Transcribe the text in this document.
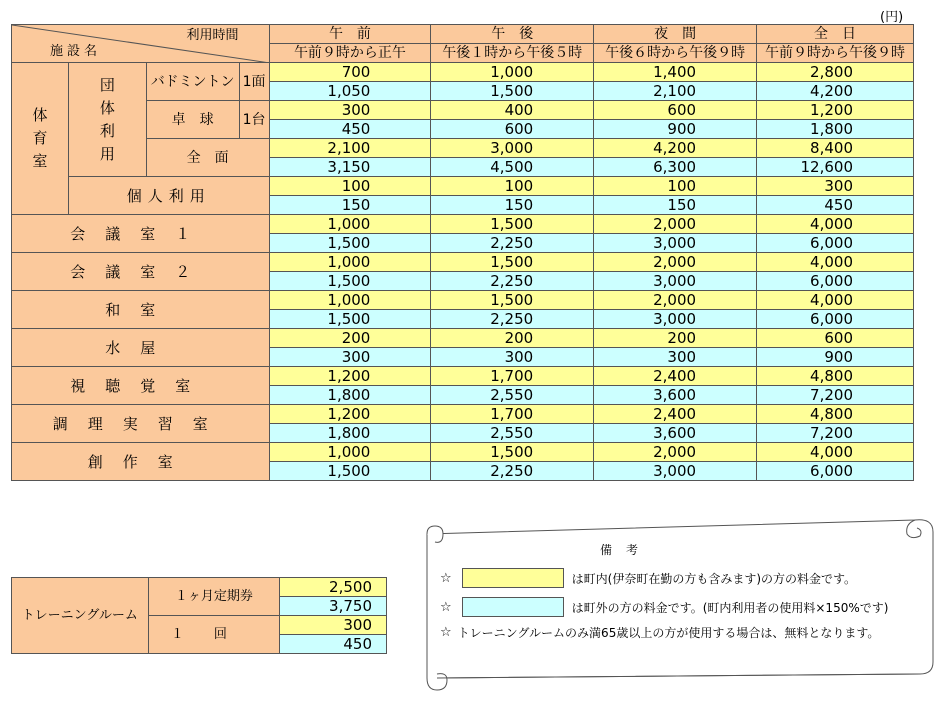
(円)
利用時間
施設名				午　前	午　後	夜　間	全　日
				午前９時から正午	午後１時から午後５時	午後６時から午後９時	午前９時から午後９時
体育室	団体利用	バドミントン	1面	700	1,000	1,400	2,800
				1,050	1,500	2,100	4,200
		卓　球	1台	300	400	600	1,200
				450	600	900	1,800
		全　面		2,100	3,000	4,200	8,400
				3,150	4,500	6,300	12,600
	個人利用			100	100	100	300
				150	150	150	450
会議室１				1,000	1,500	2,000	4,000
				1,500	2,250	3,000	6,000
会議室２				1,000	1,500	2,000	4,000
				1,500	2,250	3,000	6,000
和室				1,000	1,500	2,000	4,000
				1,500	2,250	3,000	6,000
水屋				200	200	200	600
				300	300	300	900
視聴覚室				1,200	1,700	2,400	4,800
				1,800	2,550	3,600	7,200
調理実習室				1,200	1,700	2,400	4,800
				1,800	2,550	3,600	7,200
創作室				1,000	1,500	2,000	4,000
				1,500	2,250	3,000	6,000
トレーニングルーム	１ヶ月定期券	2,500
		3,750
	１回	300
		450
備考
☆	は町内(伊奈町在勤の方も含みます)の方の料金です。
☆	は町外の方の料金です。(町内利用者の使用料×150%です)
☆ トレーニングルームのみ満65歳以上の方が使用する場合は、無料となります。
